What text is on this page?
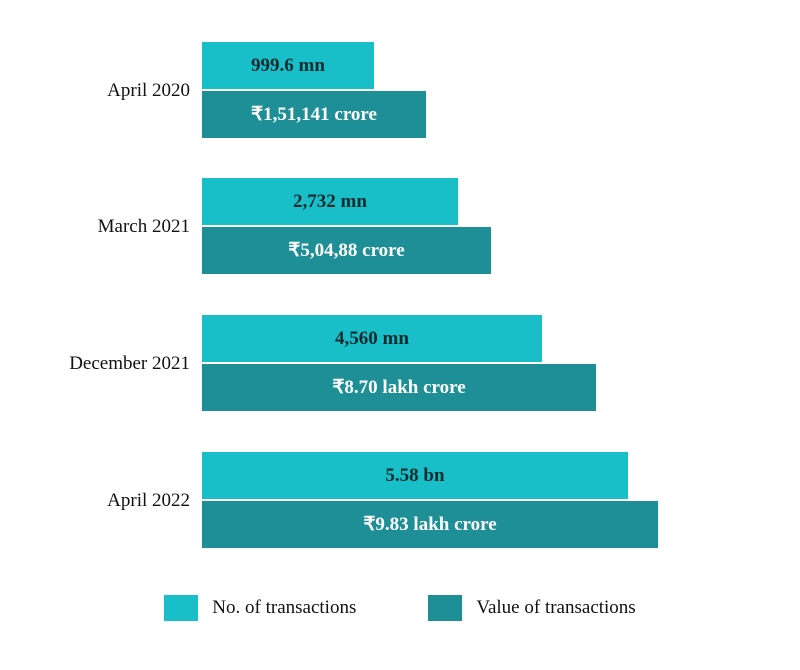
April 2020
999.6 mn
₹1,51,141 crore
March 2021
2,732 mn
₹5,04,88 crore
December 2021
4,560 mn
₹8.70 lakh crore
April 2022
5.58 bn
₹9.83 lakh crore
No. of transactions	Value of transactions
